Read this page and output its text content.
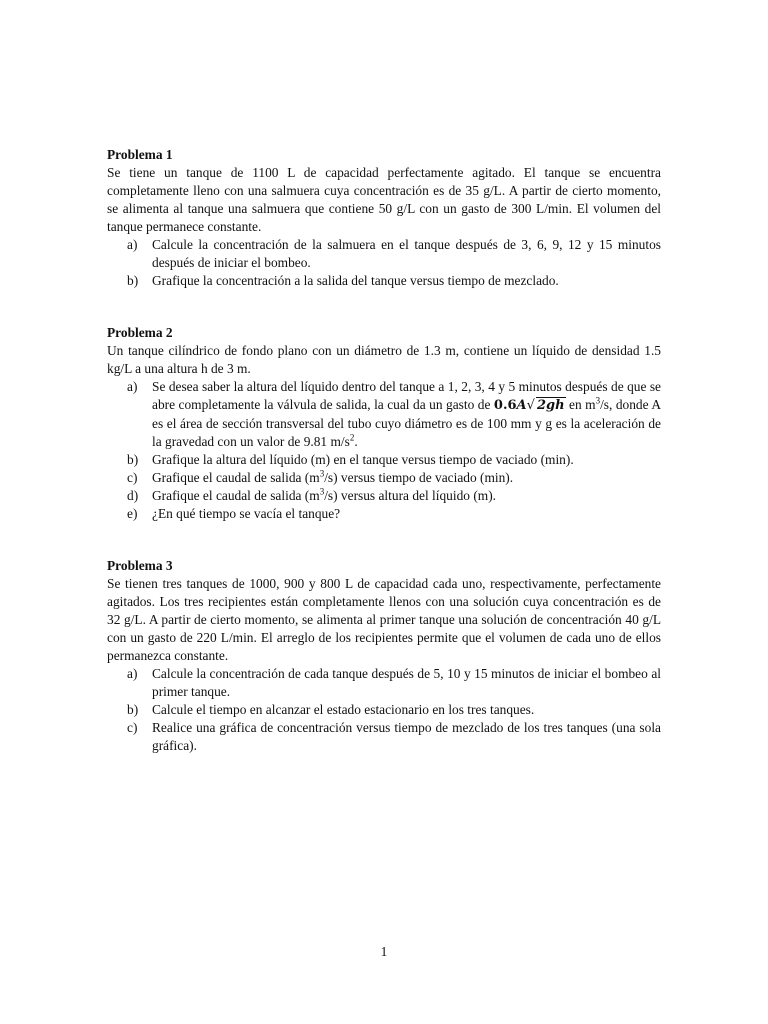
Problema 1

Se tiene un tanque de 1100 L de capacidad perfectamente agitado. El tanque se encuentra completamente lleno con una salmuera cuya concentración es de 35 g/L. A partir de cierto momento, se alimenta al tanque una salmuera que contiene 50 g/L con un gasto de 300 L/min. El volumen del tanque permanece constante.

a) Calcule la concentración de la salmuera en el tanque después de 3, 6, 9, 12 y 15 minutos después de iniciar el bombeo.
b) Grafique la concentración a la salida del tanque versus tiempo de mezclado.

Problema 2

Un tanque cilíndrico de fondo plano con un diámetro de 1.3 m, contiene un líquido de densidad 1.5 kg/L a una altura h de 3 m.

a) Se desea saber la altura del líquido dentro del tanque a 1, 2, 3, 4 y 5 minutos después de que se abre completamente la válvula de salida, la cual da un gasto de 0.6A√ 2gh en $m^3/s$, donde A es el área de sección transversal del tubo cuyo diámetro es de 100 mm y g es la aceleración de la gravedad con un valor de 9.81 $m/s^2$.
b) Grafique la altura del líquido (m) en el tanque versus tiempo de vaciado (min).
c) Grafique el caudal de salida $(m^3/s)$ versus tiempo de vaciado (min).
d) Grafique el caudal de salida $(m^3/s)$ versus altura del líquido (m).
e) ¿En qué tiempo se vacía el tanque?

Problema 3

Se tienen tres tanques de 1000, 900 y 800 L de capacidad cada uno, respectivamente, perfectamente agitados. Los tres recipientes están completamente llenos con una solución cuya concentración es de 32 g/L. A partir de cierto momento, se alimenta al primer tanque una solución de concentración 40 g/L con un gasto de 220 L/min. El arreglo de los recipientes permite que el volumen de cada uno de ellos permanezca constante.

a) Calcule la concentración de cada tanque después de 5, 10 y 15 minutos de iniciar el bombeo al primer tanque.
b) Calcule el tiempo en alcanzar el estado estacionario en los tres tanques.
c) Realice una gráfica de concentración versus tiempo de mezclado de los tres tanques (una sola gráfica).
1
